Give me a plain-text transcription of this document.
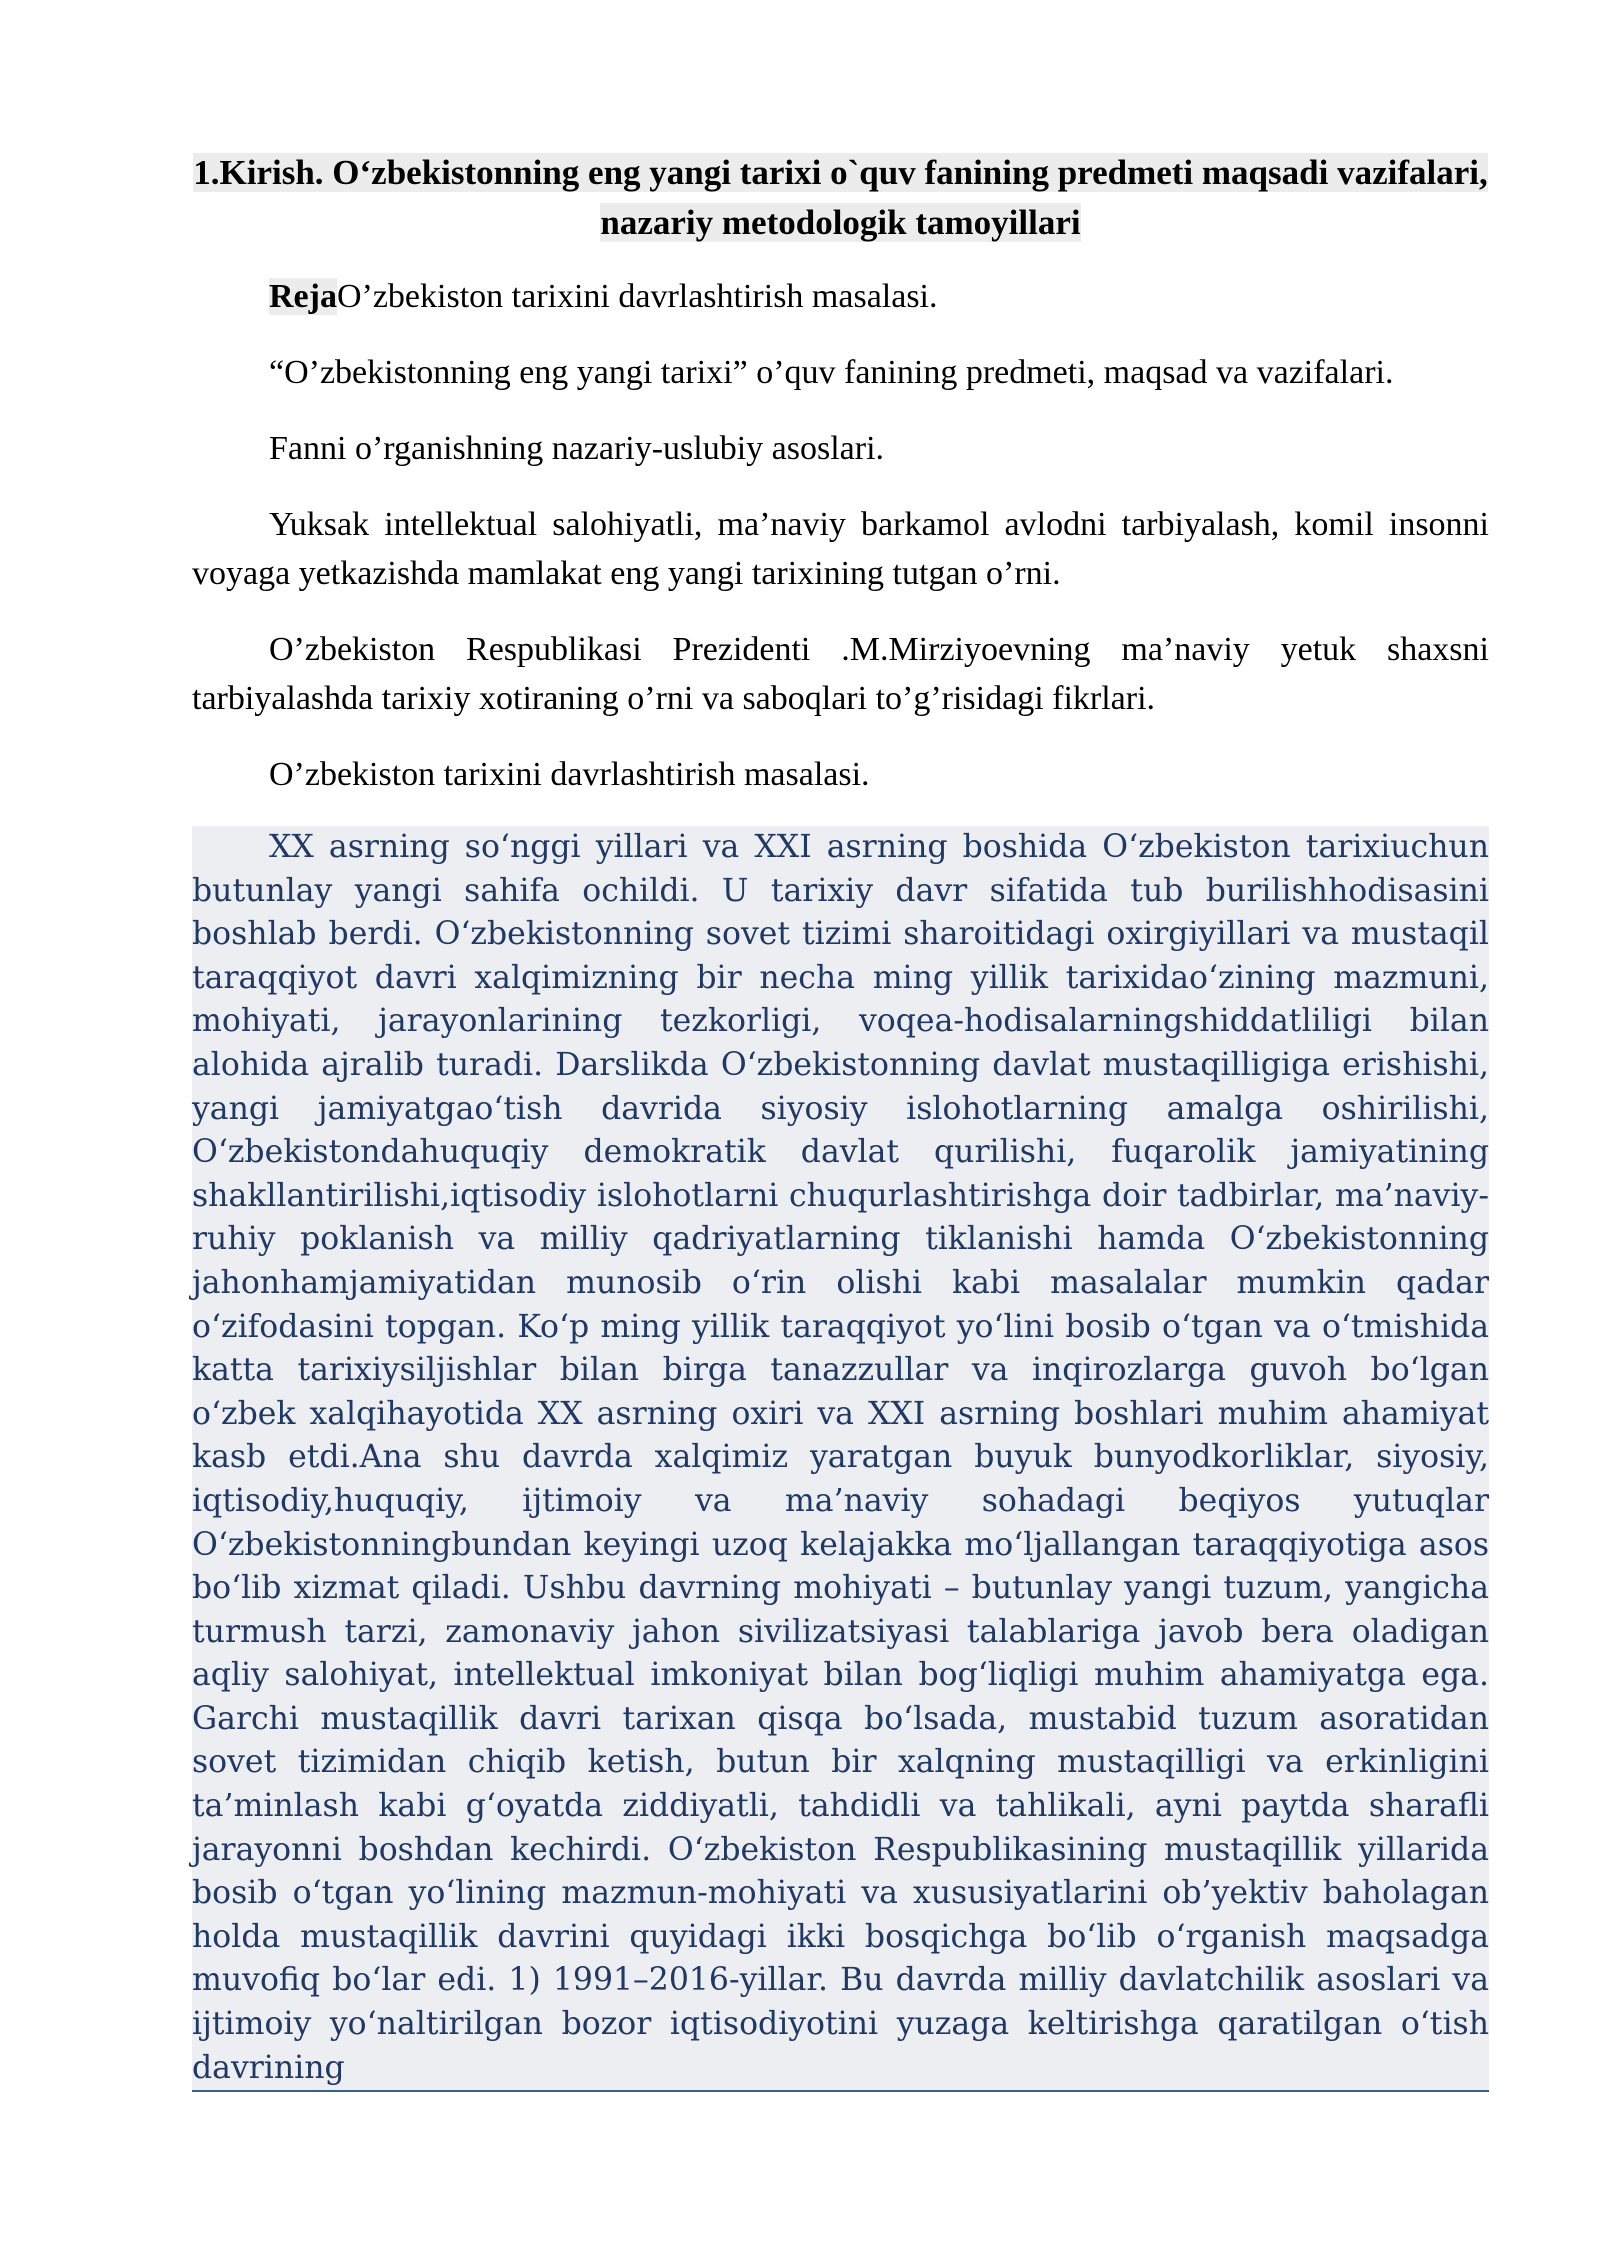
1.Kirish. O‘zbekistonning eng yangi tarixi o`quv fanining predmeti maqsadi vazifalari, nazariy metodologik tamoyillari

RejaO’zbekiston tarixini davrlashtirish masalasi.

“O’zbekistonning eng yangi tarixi” o’quv fanining predmeti, maqsad va vazifalari.

Fanni o’rganishning nazariy-uslubiy asoslari.

Yuksak intellektual salohiyatli, ma’naviy barkamol avlodni tarbiyalash, komil insonni voyaga yetkazishda mamlakat eng yangi tarixining tutgan o’rni.

O’zbekiston Respublikasi Prezidenti .M.Mirziyoevning ma’naviy yetuk shaxsni tarbiyalashda tarixiy xotiraning o’rni va saboqlari to’g’risidagi fikrlari.

O’zbekiston tarixini davrlashtirish masalasi.

XX asrning so‘nggi yillari va XXI asrning boshida O‘zbekiston tarixiuchun butunlay yangi sahifa ochildi. U tarixiy davr sifatida tub burilishhodisasini boshlab berdi. O‘zbekistonning sovet tizimi sharoitidagi oxirgiyillari va mustaqil taraqqiyot davri xalqimizning bir necha ming yillik tarixidao‘zining mazmuni, mohiyati, jarayonlarining tezkorligi, voqea-hodisalarningshiddatliligi bilan alohida ajralib turadi. Darslikda O‘zbekistonning davlat mustaqilligiga erishishi, yangi jamiyatgao‘tish davrida siyosiy islohotlarning amalga oshirilishi, O‘zbekistondahuquqiy demokratik davlat qurilishi, fuqarolik jamiyatining shakllantirilishi,iqtisodiy islohotlarni chuqurlashtirishga doir tadbirlar, ma’naviy-ruhiy poklanish va milliy qadriyatlarning tiklanishi hamda O‘zbekistonning jahonhamjamiyatidan munosib o‘rin olishi kabi masalalar mumkin qadar o‘zifodasini topgan. Ko‘p ming yillik taraqqiyot yo‘lini bosib o‘tgan va o‘tmishida katta tarixiysiljishlar bilan birga tanazzullar va inqirozlarga guvoh bo‘lgan o‘zbek xalqihayotida XX asrning oxiri va XXI asrning boshlari muhim ahamiyat kasb etdi.Ana shu davrda xalqimiz yaratgan buyuk bunyodkorliklar, siyosiy, iqtisodiy,huquqiy, ijtimoiy va ma’naviy sohadagi beqiyos yutuqlar O‘zbekistonningbundan keyingi uzoq kelajakka mo‘ljallangan taraqqiyotiga asos bo‘lib xizmat qiladi. Ushbu davrning mohiyati – butunlay yangi tuzum, yangicha turmush tarzi, zamonaviy jahon sivilizatsiyasi talablariga javob bera oladigan aqliy salohiyat, intellektual imkoniyat bilan bog‘liqligi muhim ahamiyatga ega. Garchi mustaqillik davri tarixan qisqa bo‘lsada, mustabid tuzum asoratidan sovet tizimidan chiqib ketish, butun bir xalqning mustaqilligi va erkinligini ta’minlash kabi g‘oyatda ziddiyatli, tahdidli va tahlikali, ayni paytda sharafli jarayonni boshdan kechirdi. O‘zbekiston Respublikasining mustaqillik yillarida bosib o‘tgan yo‘lining mazmun-mohiyati va xususiyatlarini ob’yektiv baholagan holda mustaqillik davrini quyidagi ikki bosqichga bo‘lib o‘rganish maqsadga muvofiq bo‘lar edi. 1) 1991–2016-yillar. Bu davrda milliy davlatchilik asoslari va ijtimoiy yo‘naltirilgan bozor iqtisodiyotini yuzaga keltirishga qaratilgan o‘tish davrining
